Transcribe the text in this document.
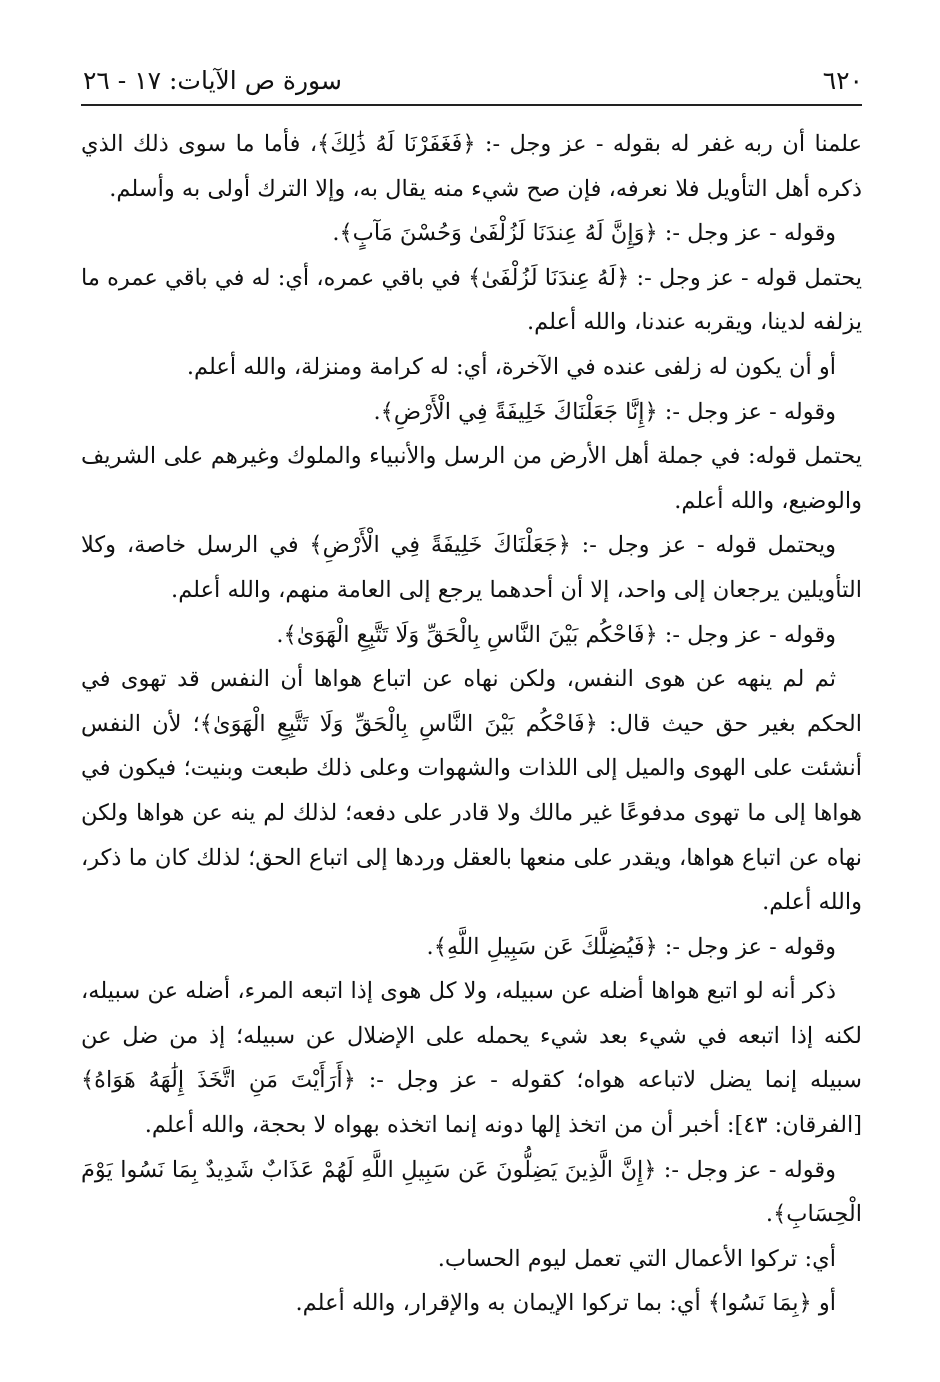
٦٢٠
سورة ص الآيات: ١٧ - ٢٦

علمنا أن ربه غفر له بقوله - عز وجل -: ﴿فَغَفَرْنَا لَهُ ذَٰلِكَ﴾، فأما ما سوى ذلك الذي ذكره أهل التأويل فلا نعرفه، فإن صح شيء منه يقال به، وإلا الترك أولى به وأسلم.

وقوله - عز وجل -: ﴿وَإِنَّ لَهُ عِندَنَا لَزُلْفَىٰ وَحُسْنَ مَآبٍ﴾.

يحتمل قوله - عز وجل -: ﴿لَهُ عِندَنَا لَزُلْفَىٰ﴾ في باقي عمره، أي: له في باقي عمره ما يزلفه لدينا، ويقربه عندنا، والله أعلم.

أو أن يكون له زلفى عنده في الآخرة، أي: له كرامة ومنزلة، والله أعلم.

وقوله - عز وجل -: ﴿إِنَّا جَعَلْنَاكَ خَلِيفَةً فِي الْأَرْضِ﴾.

يحتمل قوله: في جملة أهل الأرض من الرسل والأنبياء والملوك وغيرهم على الشريف والوضيع، والله أعلم.

ويحتمل قوله - عز وجل -: ﴿جَعَلْنَاكَ خَلِيفَةً فِي الْأَرْضِ﴾ في الرسل خاصة، وكلا التأويلين يرجعان إلى واحد، إلا أن أحدهما يرجع إلى العامة منهم، والله أعلم.

وقوله - عز وجل -: ﴿فَاحْكُم بَيْنَ النَّاسِ بِالْحَقِّ وَلَا تَتَّبِعِ الْهَوَىٰ﴾.

ثم لم ينهه عن هوى النفس، ولكن نهاه عن اتباع هواها أن النفس قد تهوى في الحكم بغير حق حيث قال: ﴿فَاحْكُم بَيْنَ النَّاسِ بِالْحَقِّ وَلَا تَتَّبِعِ الْهَوَىٰ﴾؛ لأن النفس أنشئت على الهوى والميل إلى اللذات والشهوات وعلى ذلك طبعت وبنيت؛ فيكون في هواها إلى ما تهوى مدفوعًا غير مالك ولا قادر على دفعه؛ لذلك لم ينه عن هواها ولكن نهاه عن اتباع هواها، ويقدر على منعها بالعقل وردها إلى اتباع الحق؛ لذلك كان ما ذكر، والله أعلم.

وقوله - عز وجل -: ﴿فَيُضِلَّكَ عَن سَبِيلِ اللَّهِ﴾.

ذكر أنه لو اتبع هواها أضله عن سبيله، ولا كل هوى إذا اتبعه المرء، أضله عن سبيله، لكنه إذا اتبعه في شيء بعد شيء يحمله على الإضلال عن سبيله؛ إذ من ضل عن سبيله إنما يضل لاتباعه هواه؛ كقوله - عز وجل -: ﴿أَرَأَيْتَ مَنِ اتَّخَذَ إِلَٰهَهُ هَوَاهُ﴾ [الفرقان: ٤٣]: أخبر أن من اتخذ إلها دونه إنما اتخذه بهواه لا بحجة، والله أعلم.

وقوله - عز وجل -: ﴿إِنَّ الَّذِينَ يَضِلُّونَ عَن سَبِيلِ اللَّهِ لَهُمْ عَذَابٌ شَدِيدٌ بِمَا نَسُوا يَوْمَ الْحِسَابِ﴾.

أي: تركوا الأعمال التي تعمل ليوم الحساب.

أو ﴿بِمَا نَسُوا﴾ أي: بما تركوا الإيمان به والإقرار، والله أعلم.
